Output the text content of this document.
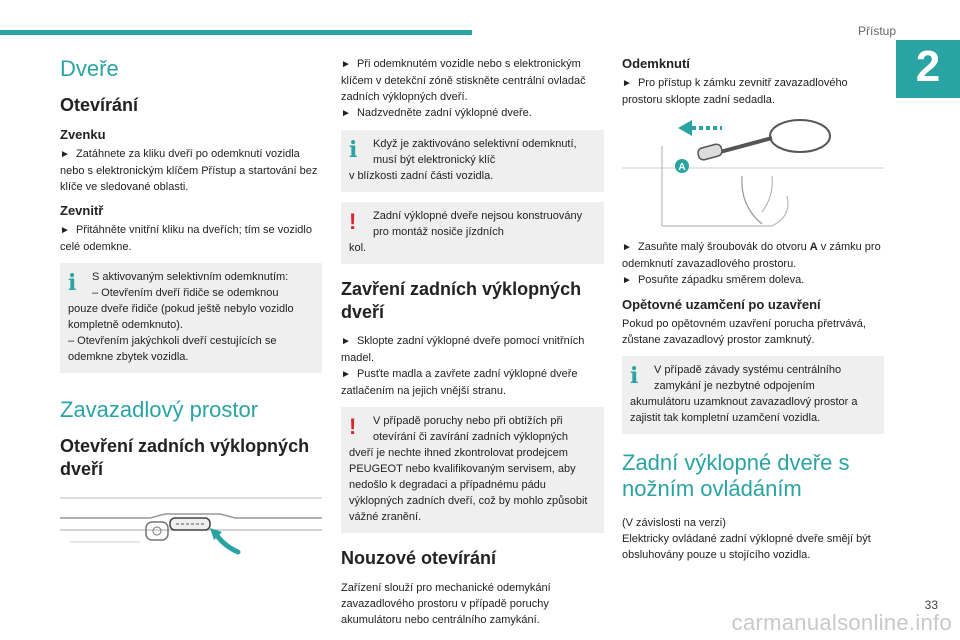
Přístup
2
Dveře
Otevírání
Zvenku

► Zatáhnete za kliku dveří po odemknutí vozidla nebo s elektronickým klíčem Přístup a startování bez klíče ve sledované oblasti.

Zevnitř

► Přitáhněte vnitřní kliku na dveřích; tím se vozidlo celé odemkne.

i	S aktivovaným selektivním odemknutím:

– Otevřením dveří řidiče se odemknou

pouze dveře řidiče (pokud ještě nebylo vozidlo kompletně odemknuto).

– Otevřením jakýchkoli dveří cestujících se odemkne zbytek vozidla.

Zavazadlový prostor
Otevření zadních výklopných dveří

► Při odemknutém vozidle nebo s elektronickým klíčem v detekční zóně stiskněte centrální ovladač zadních výklopných dveří.
► Nadzvedněte zadní výklopné dveře.

i	Když je zaktivováno selektivní odemknutí, musí být elektronický klíč

v blízkosti zadní části vozidla.

!	Zadní výklopné dveře nejsou konstruovány pro montáž nosiče jízdních

kol.

Zavření zadních výklopných dveří

► Sklopte zadní výklopné dveře pomocí vnitřních madel.
► Pusťte madla a zavřete zadní výklopné dveře zatlačením na jejich vnější stranu.

!	V případě poruchy nebo při obtížích při otevírání či zavírání zadních výklopných

dveří je nechte ihned zkontrolovat prodejcem PEUGEOT nebo kvalifikovaným servisem, aby nedošlo k degradaci a případnému pádu výklopných zadních dveří, což by mohlo způsobit vážné zranění.

Nouzové otevírání

Zařízení slouží pro mechanické odemykání zavazadlového prostoru v případě poruchy akumulátoru nebo centrálního zamykání.

Odemknutí

► Pro přístup k zámku zevnitř zavazadlového prostoru sklopte zadní sedadla.

A

► Zasuňte malý šroubovák do otvoru A v zámku pro odemknutí zavazadlového prostoru.
► Posuňte západku směrem doleva.

Opětovné uzamčení po uzavření

Pokud po opětovném uzavření porucha přetrvává, zůstane zavazadlový prostor zamknutý.

i	V případě závady systému centrálního zamykání je nezbytné odpojením

akumulátoru uzamknout zavazadlový prostor a zajistit tak kompletní uzamčení vozidla.

Zadní výklopné dveře s nožním ovládáním

(V závislosti na verzi)

Elektricky ovládané zadní výklopné dveře smějí být obsluhovány pouze u stojícího vozidla.

carmanualsonline.info
33
